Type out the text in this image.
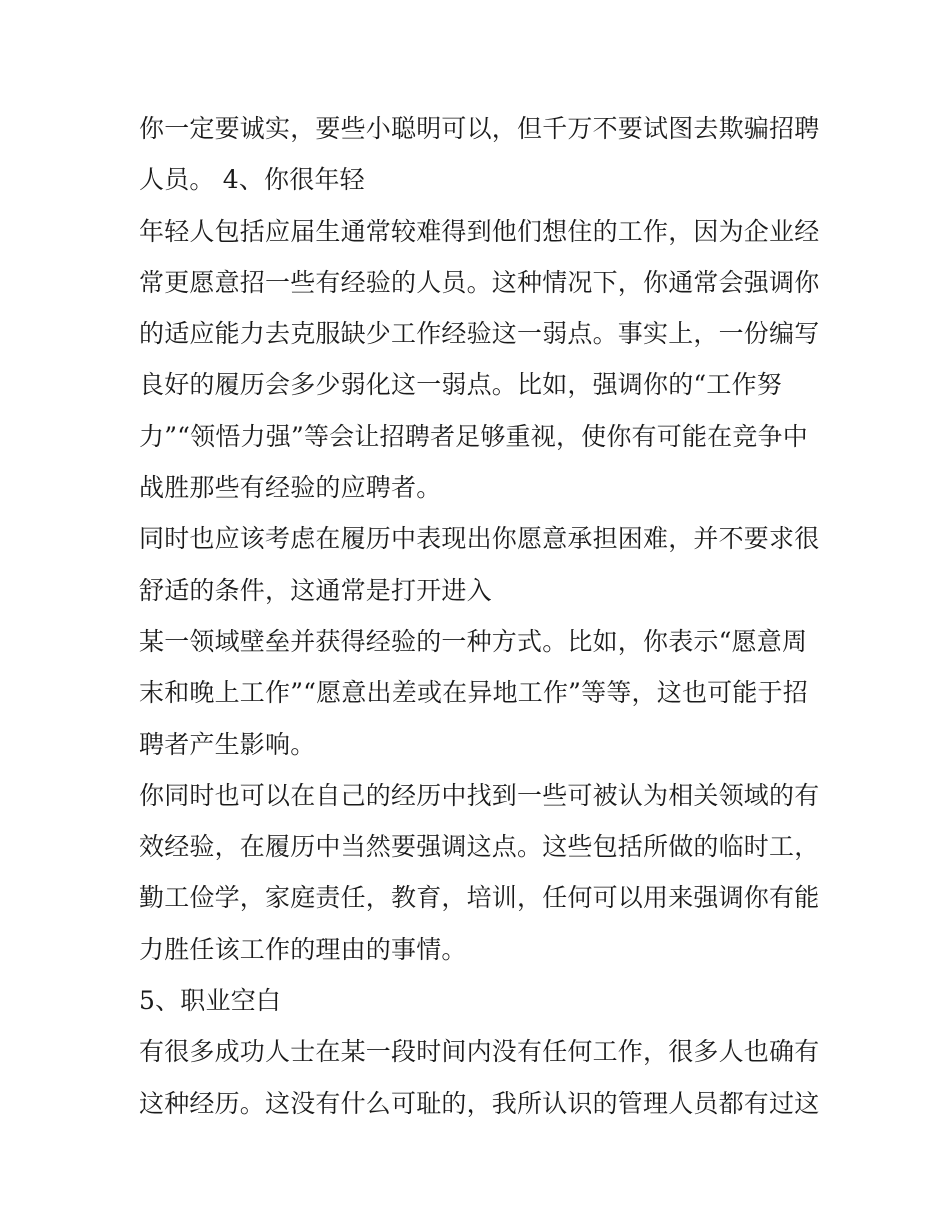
你一定要诚实，要些小聪明可以，但千万不要试图去欺骗招聘
人员。 4、你很年轻
年轻人包括应届生通常较难得到他们想住的工作，因为企业经
常更愿意招一些有经验的人员。这种情况下，你通常会强调你
的适应能力去克服缺少工作经验这一弱点。事实上，一份编写
良好的履历会多少弱化这一弱点。比如，强调你的“工作努
力”“领悟力强”等会让招聘者足够重视，使你有可能在竞争中
战胜那些有经验的应聘者。
同时也应该考虑在履历中表现出你愿意承担困难，并不要求很
舒适的条件，这通常是打开进入
某一领域壁垒并获得经验的一种方式。比如，你表示“愿意周
末和晚上工作”“愿意出差或在异地工作”等等，这也可能于招
聘者产生影响。
你同时也可以在自己的经历中找到一些可被认为相关领域的有
效经验，在履历中当然要强调这点。这些包括所做的临时工，
勤工俭学，家庭责任，教育，培训，任何可以用来强调你有能
力胜任该工作的理由的事情。
5、职业空白
有很多成功人士在某一段时间内没有任何工作，很多人也确有
这种经历。这没有什么可耻的，我所认识的管理人员都有过这
